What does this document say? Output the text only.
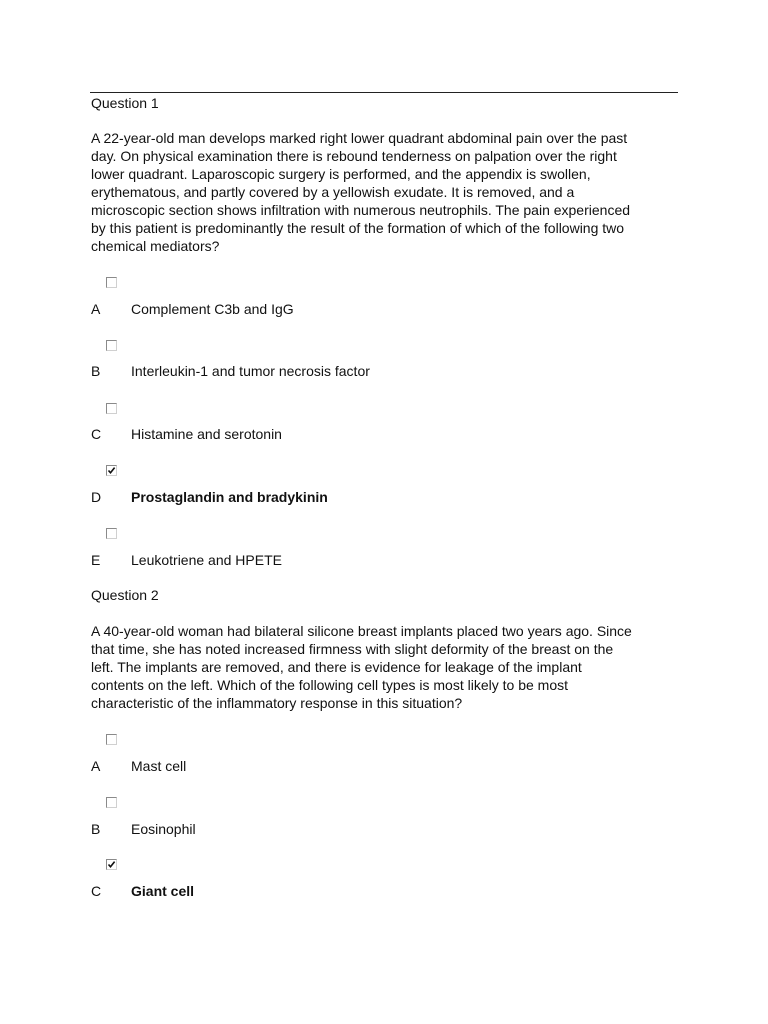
Question 1
A 22-year-old man develops marked right lower quadrant abdominal pain over the past
day. On physical examination there is rebound tenderness on palpation over the right
lower quadrant. Laparoscopic surgery is performed, and the appendix is swollen,
erythematous, and partly covered by a yellowish exudate. It is removed, and a
microscopic section shows infiltration with numerous neutrophils. The pain experienced
by this patient is predominantly the result of the formation of which of the following two
chemical mediators?
A Complement C3b and IgG
B Interleukin-1 and tumor necrosis factor
C Histamine and serotonin
D Prostaglandin and bradykinin
E Leukotriene and HPETE
Question 2
A 40-year-old woman had bilateral silicone breast implants placed two years ago. Since
that time, she has noted increased firmness with slight deformity of the breast on the
left. The implants are removed, and there is evidence for leakage of the implant
contents on the left. Which of the following cell types is most likely to be most
characteristic of the inflammatory response in this situation?
A Mast cell
B Eosinophil
C Giant cell
